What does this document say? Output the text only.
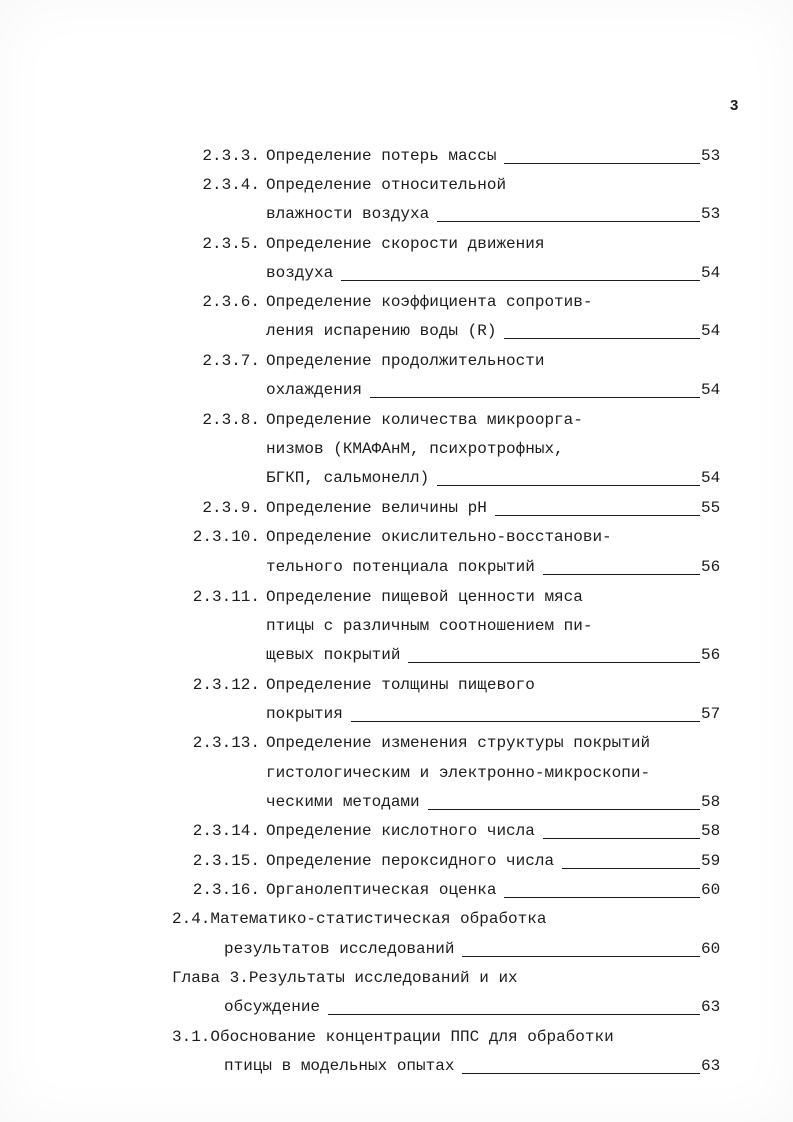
3
2.3.3. Определение потерь массы	53
2.3.4. Определение относительной
влажности воздуха	53
2.3.5. Определение скорости движения
воздуха	54
2.3.6. Определение коэффициента сопротив-
ления испарению воды (R)	54
2.3.7. Определение продолжительности
охлаждения	54
2.3.8. Определение количества микроорга-
низмов (КМАФАнМ, психротрофных,
БГКП, сальмонелл)	54
2.3.9. Определение величины рН	55
2.3.10. Определение окислительно-восстанови-
тельного потенциала покрытий	56
2.3.11. Определение пищевой ценности мяса
птицы с различным соотношением пи-
щевых покрытий	56
2.3.12. Определение толщины пищевого
покрытия	57
2.3.13. Определение изменения структуры покрытий
гистологическим и электронно-микроскопи-
ческими методами	58
2.3.14. Определение кислотного числа	58
2.3.15. Определение пероксидного числа	59
2.3.16. Органолептическая оценка	60
2.4. Математико-статистическая обработка
результатов исследований	60
Глава 3. Результаты исследований и их
обсуждение	63
3.1. Обоснование концентрации ППС для обработки
птицы в модельных опытах	63
